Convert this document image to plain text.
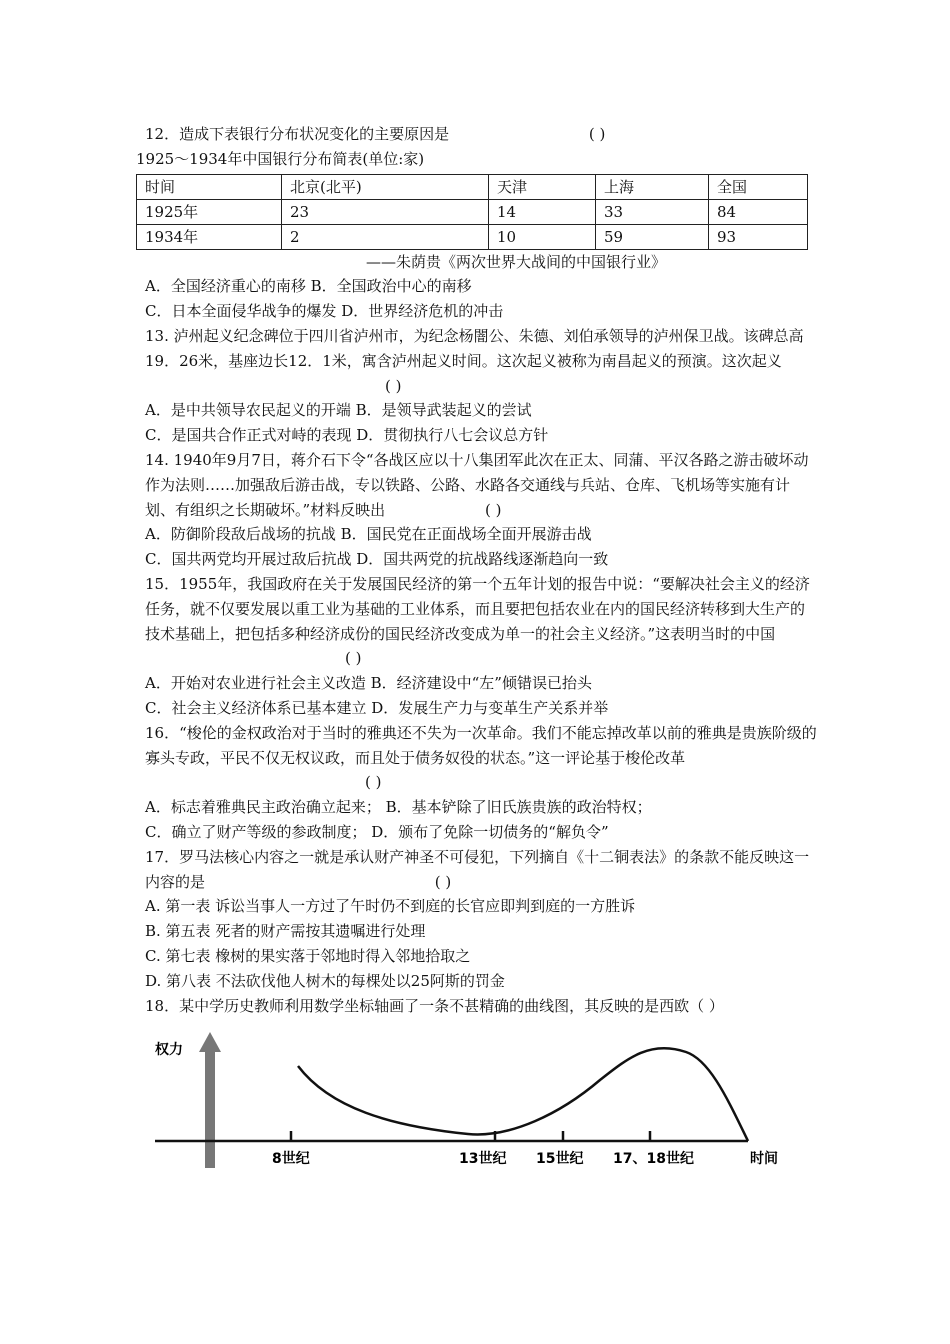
12．造成下表银行分布状况变化的主要原因是	( )
1925～1934年中国银行分布简表(单位:家)
时间	北京(北平)	天津	上海	全国
1925年	23	14	33	84
1934年	2	10	59	93
——朱荫贵《两次世界大战间的中国银行业》
A．全国经济重心的南移 B．全国政治中心的南移
C．日本全面侵华战争的爆发 D．世界经济危机的冲击
13. 泸州起义纪念碑位于四川省泸州市，为纪念杨闇公、朱德、刘伯承领导的泸州保卫战。该碑总高19．26米，基座边长12．1米，寓含泸州起义时间。这次起义被称为南昌起义的预演。这次起义 ( )
A．是中共领导农民起义的开端 B．是领导武装起义的尝试
C．是国共合作正式对峙的表现 D．贯彻执行八七会议总方针
14. 1940年9月7日，蒋介石下令“各战区应以十八集团军此次在正太、同蒲、平汉各路之游击破坏动作为法则……加强敌后游击战，专以铁路、公路、水路各交通线与兵站、仓库、飞机场等实施有计划、有组织之长期破坏。”材料反映出	( )
A．防御阶段敌后战场的抗战 B．国民党在正面战场全面开展游击战
C．国共两党均开展过敌后抗战 D．国共两党的抗战路线逐渐趋向一致
15．1955年，我国政府在关于发展国民经济的第一个五年计划的报告中说：“要解决社会主义的经济任务，就不仅要发展以重工业为基础的工业体系，而且要把包括农业在内的国民经济转移到大生产的技术基础上，把包括多种经济成份的国民经济改变成为单一的社会主义经济。”这表明当时的中国 ( )
A．开始对农业进行社会主义改造 B．经济建设中“左”倾错误已抬头
C．社会主义经济体系已基本建立 D．发展生产力与变革生产关系并举
16．“梭伦的金权政治对于当时的雅典还不失为一次革命。我们不能忘掉改革以前的雅典是贵族阶级的寡头专政，平民不仅无权议政，而且处于债务奴役的状态。”这一评论基于梭伦改革 ( )
A．标志着雅典民主政治确立起来； B．基本铲除了旧氏族贵族的政治特权；
C．确立了财产等级的参政制度； D．颁布了免除一切债务的“解负令”
17．罗马法核心内容之一就是承认财产神圣不可侵犯，下列摘自《十二铜表法》的条款不能反映这一内容的是	( )
A. 第一表 诉讼当事人一方过了午时仍不到庭的长官应即判到庭的一方胜诉
B. 第五表 死者的财产需按其遗嘱进行处理
C. 第七表 橡树的果实落于邻地时得入邻地拾取之
D. 第八表 不法砍伐他人树木的每棵处以25阿斯的罚金
18．某中学历史教师利用数学坐标轴画了一条不甚精确的曲线图，其反映的是西欧（ ）
权力
8世纪	13世纪 15世纪 17、18世纪	时间
